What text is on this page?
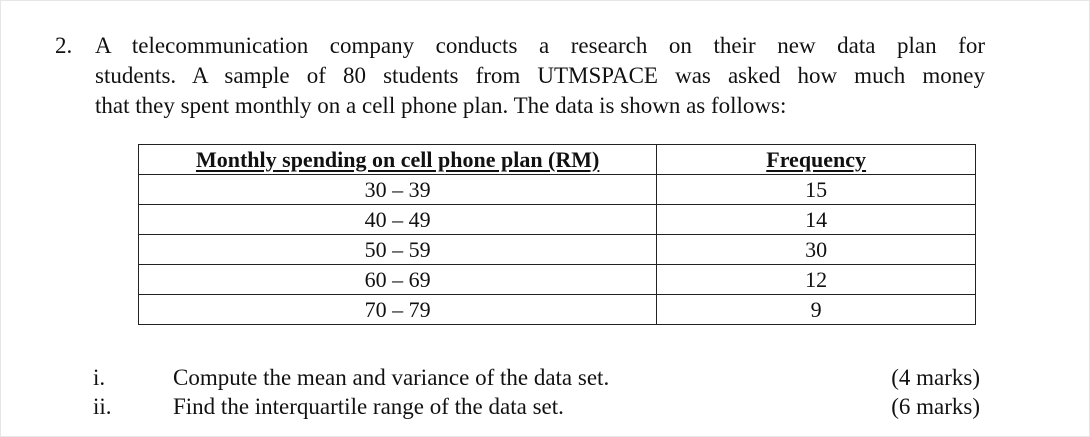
2. A telecommunication company conducts a research on their new data plan for
students. A sample of 80 students from UTMSPACE was asked how much money
that they spent monthly on a cell phone plan. The data is shown as follows:
Monthly spending on cell phone plan (RM)	Frequency
30 – 39	15
40 – 49	14
50 – 59	30
60 – 69	12
70 – 79	9
i.	Compute the mean and variance of the data set.	(4 marks)
ii.	Find the interquartile range of the data set.	(6 marks)
